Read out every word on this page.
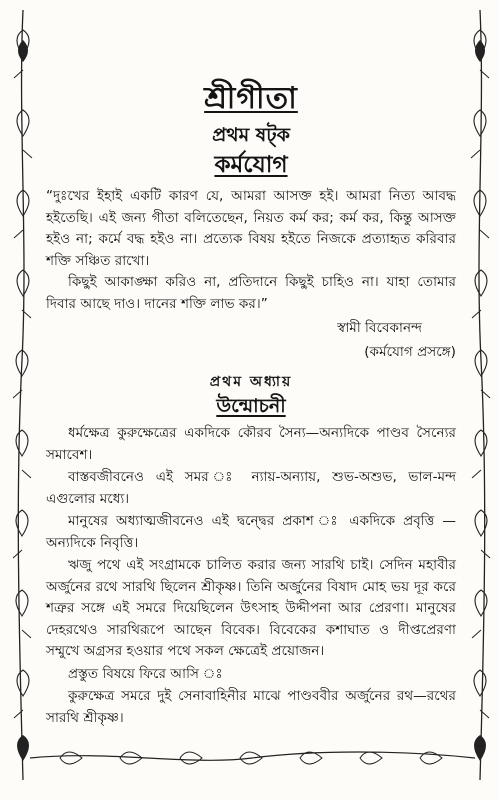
শ্রীগীতা
প্রথম ষট্‌ক
কর্মযোগ

“দুঃখের ইহাই একটি কারণ যে, আমরা আসক্ত হই। আমরা নিত্য আবদ্ধ হইতেছি। এই জন্য গীতা বলিতেছেন, নিয়ত কর্ম কর; কর্ম কর, কিন্তু আসক্ত হইও না; কর্মে বদ্ধ হইও না। প্রত্যেক বিষয় হইতে নিজকে প্রত্যাহৃত করিবার শক্তি সঞ্চিত রাখো।

কিছুই আকাঙ্ক্ষা করিও না, প্রতিদানে কিছুই চাহিও না। যাহা তোমার দিবার আছে দাও। দানের শক্তি লাভ কর।”

স্বামী বিবেকানন্দ
(কর্মযোগ প্রসঙ্গে)
প্রথম অধ্যায়
উন্মোচনী

ধর্মক্ষেত্র কুরুক্ষেত্রের একদিকে কৌরব সৈন্য—অন্যদিকে পাণ্ডব সৈন্যের সমাবেশ।

বাস্তবজীবনেও এই সমর ঃ ন্যায়-অন্যায়, শুভ-অশুভ, ভাল-মন্দ এগুলোর মধ্যে।

মানুষের অধ্যাত্মজীবনেও এই দ্বন্দ্বের প্রকাশ ঃ একদিকে প্রবৃত্তি — অন্যদিকে নিবৃত্তি।

ঋজু পথে এই সংগ্রামকে চালিত করার জন্য সারথি চাই। সেদিন মহাবীর অর্জুনের রথে সারথি ছিলেন শ্রীকৃষ্ণ। তিনি অর্জুনের বিষাদ মোহ ভয় দূর করে শত্রুর সঙ্গে এই সমরে দিয়েছিলেন উৎসাহ উদ্দীপনা আর প্রেরণা। মানুষের দেহরথেও সারথিরূপে আছেন বিবেক। বিবেকের কশাঘাত ও দীপ্তপ্রেরণা সম্মুখে অগ্রসর হওয়ার পথে সকল ক্ষেত্রেই প্রয়োজন।

প্রস্তুত বিষয়ে ফিরে আসি ঃ

কুরুক্ষেত্র সমরে দুই সেনাবাহিনীর মাঝে পাণ্ডববীর অর্জুনের রথ—রথের সারথি শ্রীকৃষ্ণ।
